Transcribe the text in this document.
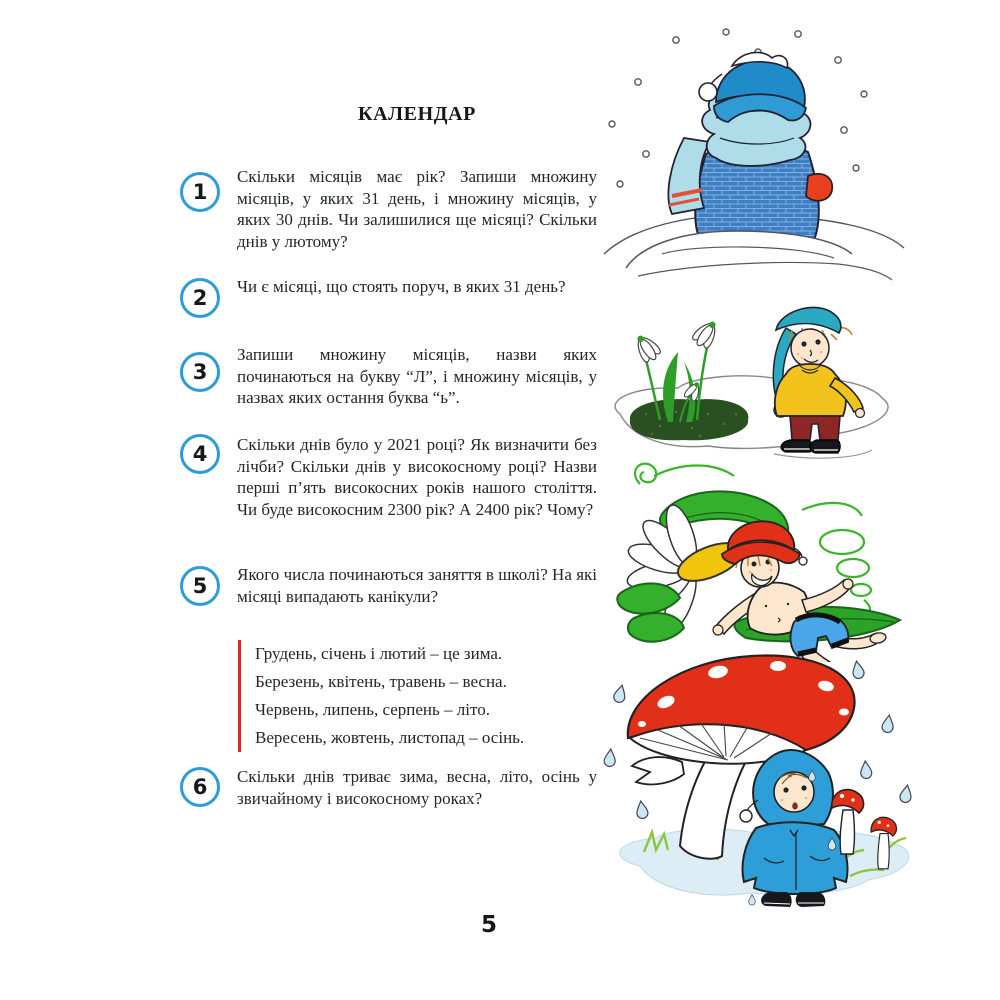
КАЛЕНДАР
1
Скільки місяців має рік? Запиши множину місяців, у яких 31 день, і множину місяців, у яких 30 днів. Чи залишилися ще місяці? Скільки днів у лютому?
2	Чи є місяці, що стоять поруч, в яких 31 день?
3
Запиши множину місяців, назви яких починаються на букву “Л”, і множину місяців, у назвах яких остання буква “ь”.
4	Скільки днів було у 2021 році? Як визначити без лічби? Скільки днів у високосному році? Назви перші п’ять високосних років нашого століття. Чи буде високосним 2300 рік? А 2400 рік? Чому?
5	Якого числа починаються заняття в школі? На які місяці випадають канікули?
Грудень, січень і лютий – це зима.
Березень, квітень, травень – весна.
Червень, липень, серпень – літо.
Вересень, жовтень, листопад – осінь.
6	Скільки днів триває зима, весна, літо, осінь у звичайному і високосному роках?
5
